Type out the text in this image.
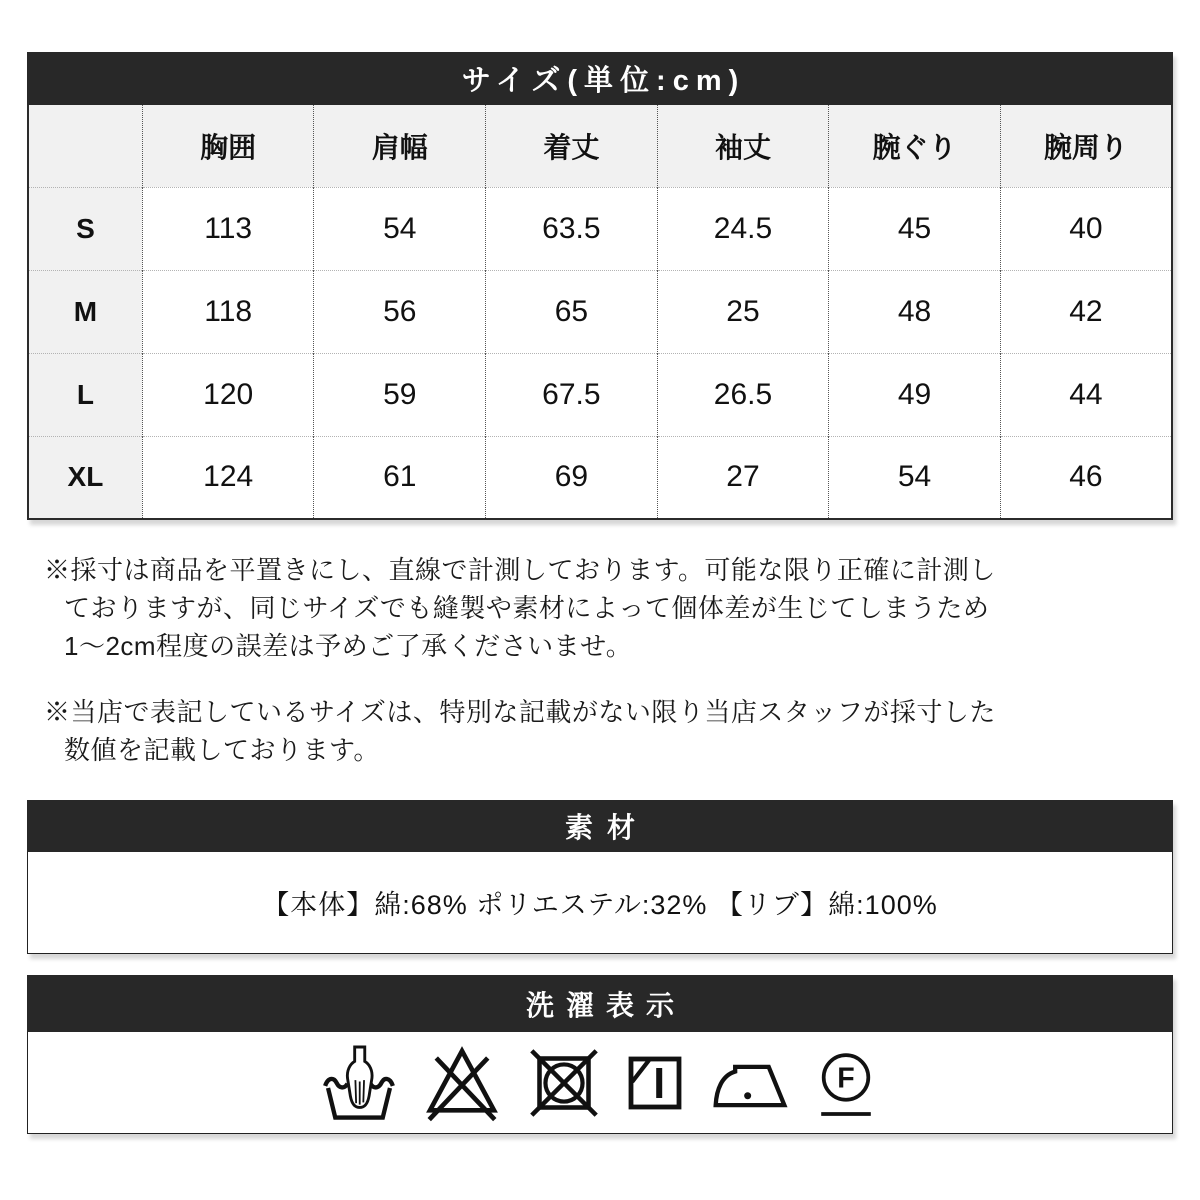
サイズ(単位:cm)
	胸囲	肩幅	着丈	袖丈	腕ぐり	腕周り
S	113	54	63.5	24.5	45	40
M	118	56	65	25	48	42
L	120	59	67.5	26.5	49	44
XL	124	61	69	27	54	46
※採寸は商品を平置きにし、直線で計測しております。可能な限り正確に計測し
ておりますが、同じサイズでも縫製や素材によって個体差が生じてしまうため
1〜2cm程度の誤差は予めご了承くださいませ。
※当店で表記しているサイズは、特別な記載がない限り当店スタッフが採寸した
数値を記載しております。
素材
【本体】綿:68% ポリエステル:32% 【リブ】綿:100%
洗濯表示
F
